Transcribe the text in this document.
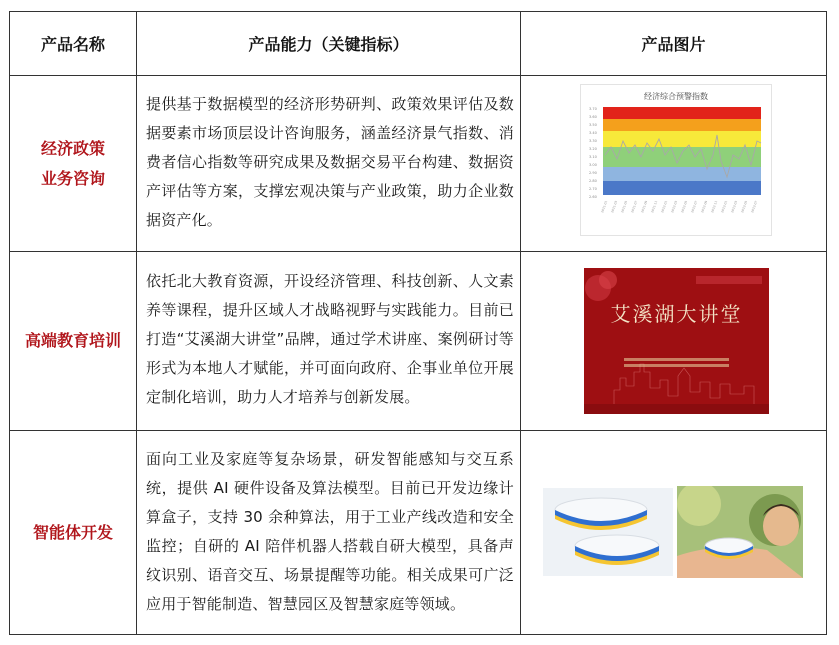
产品名称	产品能力（关键指标）	产品图片
经济政策
业务咨询
提供基于数据模型的经济形势研判、政策效果评估及数据要素市场顶层设计咨询服务，涵盖经济景气指数、消费者信心指数等研究成果及数据交易平台构建、数据资产评估等方案，支撑宏观决策与产业政策，助力企业数据资产化。
经济综合预警指数
3.70
3.60
3.50
3.40
3.30
3.20
3.10
3.00
2.90
2.80
2.70
2.60
2021-01 2021-03 2021-05 2021-07 2021-09 2021-11 2022-01 2022-03 2022-05 2022-07 2022-09 2022-11 2023-01 2023-03 2023-05 2023-07
高端教育培训
依托北大教育资源，开设经济管理、科技创新、人文素养等课程，提升区域人才战略视野与实践能力。目前已打造“艾溪湖大讲堂”品牌，通过学术讲座、案例研讨等形式为本地人才赋能，并可面向政府、企事业单位开展定制化培训，助力人才培养与创新发展。
艾溪湖大讲堂
智能体开发
面向工业及家庭等复杂场景，研发智能感知与交互系统，提供 AI 硬件设备及算法模型。目前已开发边缘计算盒子，支持 30 余种算法，用于工业产线改造和安全监控；自研的 AI 陪伴机器人搭载自研大模型，具备声纹识别、语音交互、场景提醒等功能。相关成果可广泛应用于智能制造、智慧园区及智慧家庭等领域。
